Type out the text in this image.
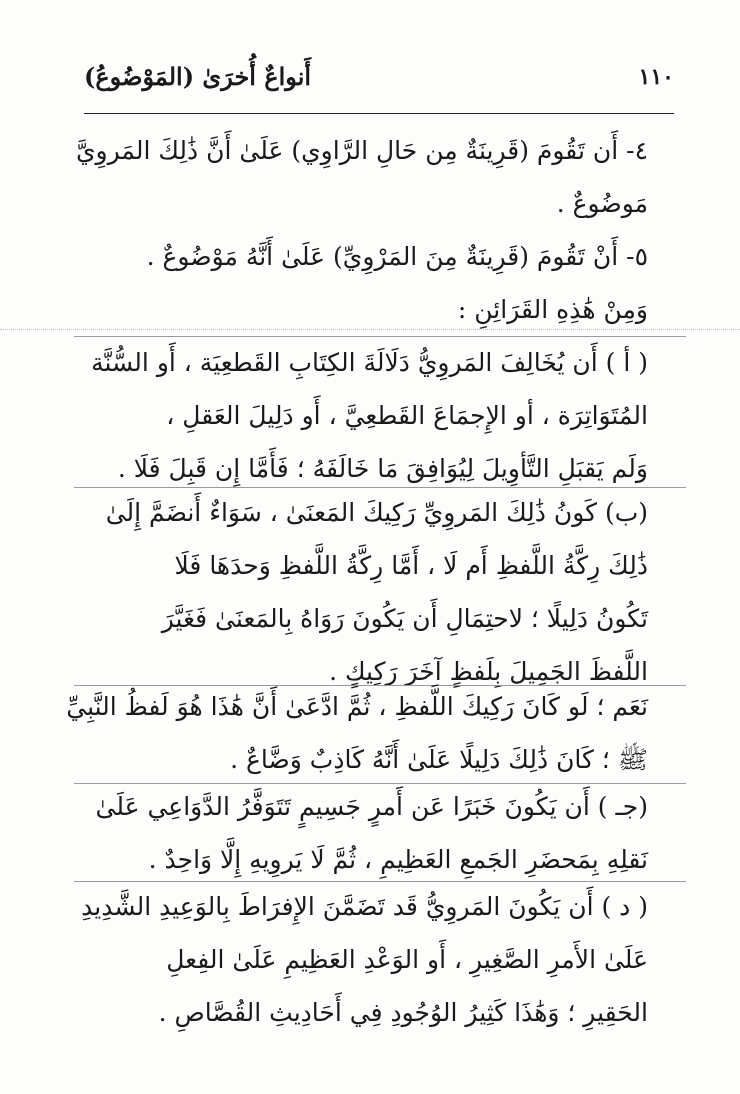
١١٠
أَنواعٌ أُخرَىٰ (المَوْضُوعُ)
٤- أَن تَقُومَ (قَرِينَةٌ مِن حَالِ الرَّاوِي) عَلَىٰ أَنَّ ذَٰلِكَ المَروِيَّ
مَوضُوعٌ .
٥- أَنْ تَقُومَ (قَرِينَةٌ مِنَ المَرْوِيِّ) عَلَىٰ أَنَّهُ مَوْضُوعٌ .
وَمِنْ هَٰذِهِ القَرَائِنِ :
( أ ) أَن يُخَالِفَ المَروِيُّ دَلَالَةَ الكِتَابِ القَطعِيَة ، أَو السُّنَّة
المُتَوَاتِرَة ، أو الإِجمَاعَ القَطعِيَّ ، أَو دَلِيلَ العَقلِ ،
وَلَم يَقبَلِ التَّأوِيلَ لِيُوَافِقَ مَا خَالَفَهُ ؛ فَأَمَّا إِن قَبِلَ فَلَا .
(ب) كَونُ ذَٰلِكَ المَروِيِّ رَكِيكَ المَعنَىٰ ، سَوَاءٌ أَنضَمَّ إِلَىٰ
ذَٰلِكَ رِكَّةُ اللَّفظِ أَم لَا ، أَمَّا رِكَّةُ اللَّفظِ وَحدَهَا فَلَا
تَكُونُ دَلِيلًا ؛ لاحتِمَالِ أَن يَكُونَ رَوَاهُ بِالمَعنَىٰ فَغَيَّرَ
اللَّفظَ الجَمِيلَ بِلَفظٍ آخَرَ رَكِيكٍ .
نَعَم ؛ لَو كَانَ رَكِيكَ اللَّفظِ ، ثُمَّ ادَّعَىٰ أَنَّ هَٰذَا هُوَ لَفظُ النَّبِيِّ
ﷺ ؛ كَانَ ذَٰلِكَ دَلِيلًا عَلَىٰ أَنَّهُ كَاذِبٌ وَضَّاعٌ .
(جـ ) أَن يَكُونَ خَبَرًا عَن أَمرٍ جَسِيمٍ تَتَوَفَّرُ الدَّوَاعِي عَلَىٰ
نَقلِهِ بِمَحضَرِ الجَمعِ العَظِيمِ ، ثُمَّ لَا يَروِيهِ إِلَّا وَاحِدٌ .
( د ) أَن يَكُونَ المَروِيُّ قَد تَضَمَّنَ الإِفرَاطَ بِالوَعِيدِ الشَّدِيدِ
عَلَىٰ الأَمرِ الصَّغِيرِ ، أَو الوَعْدِ العَظِيمِ عَلَىٰ الفِعلِ
الحَقِيرِ ؛ وَهَٰذَا كَثِيرُ الوُجُودِ فِي أَحَادِيثِ القُصَّاصِ .
